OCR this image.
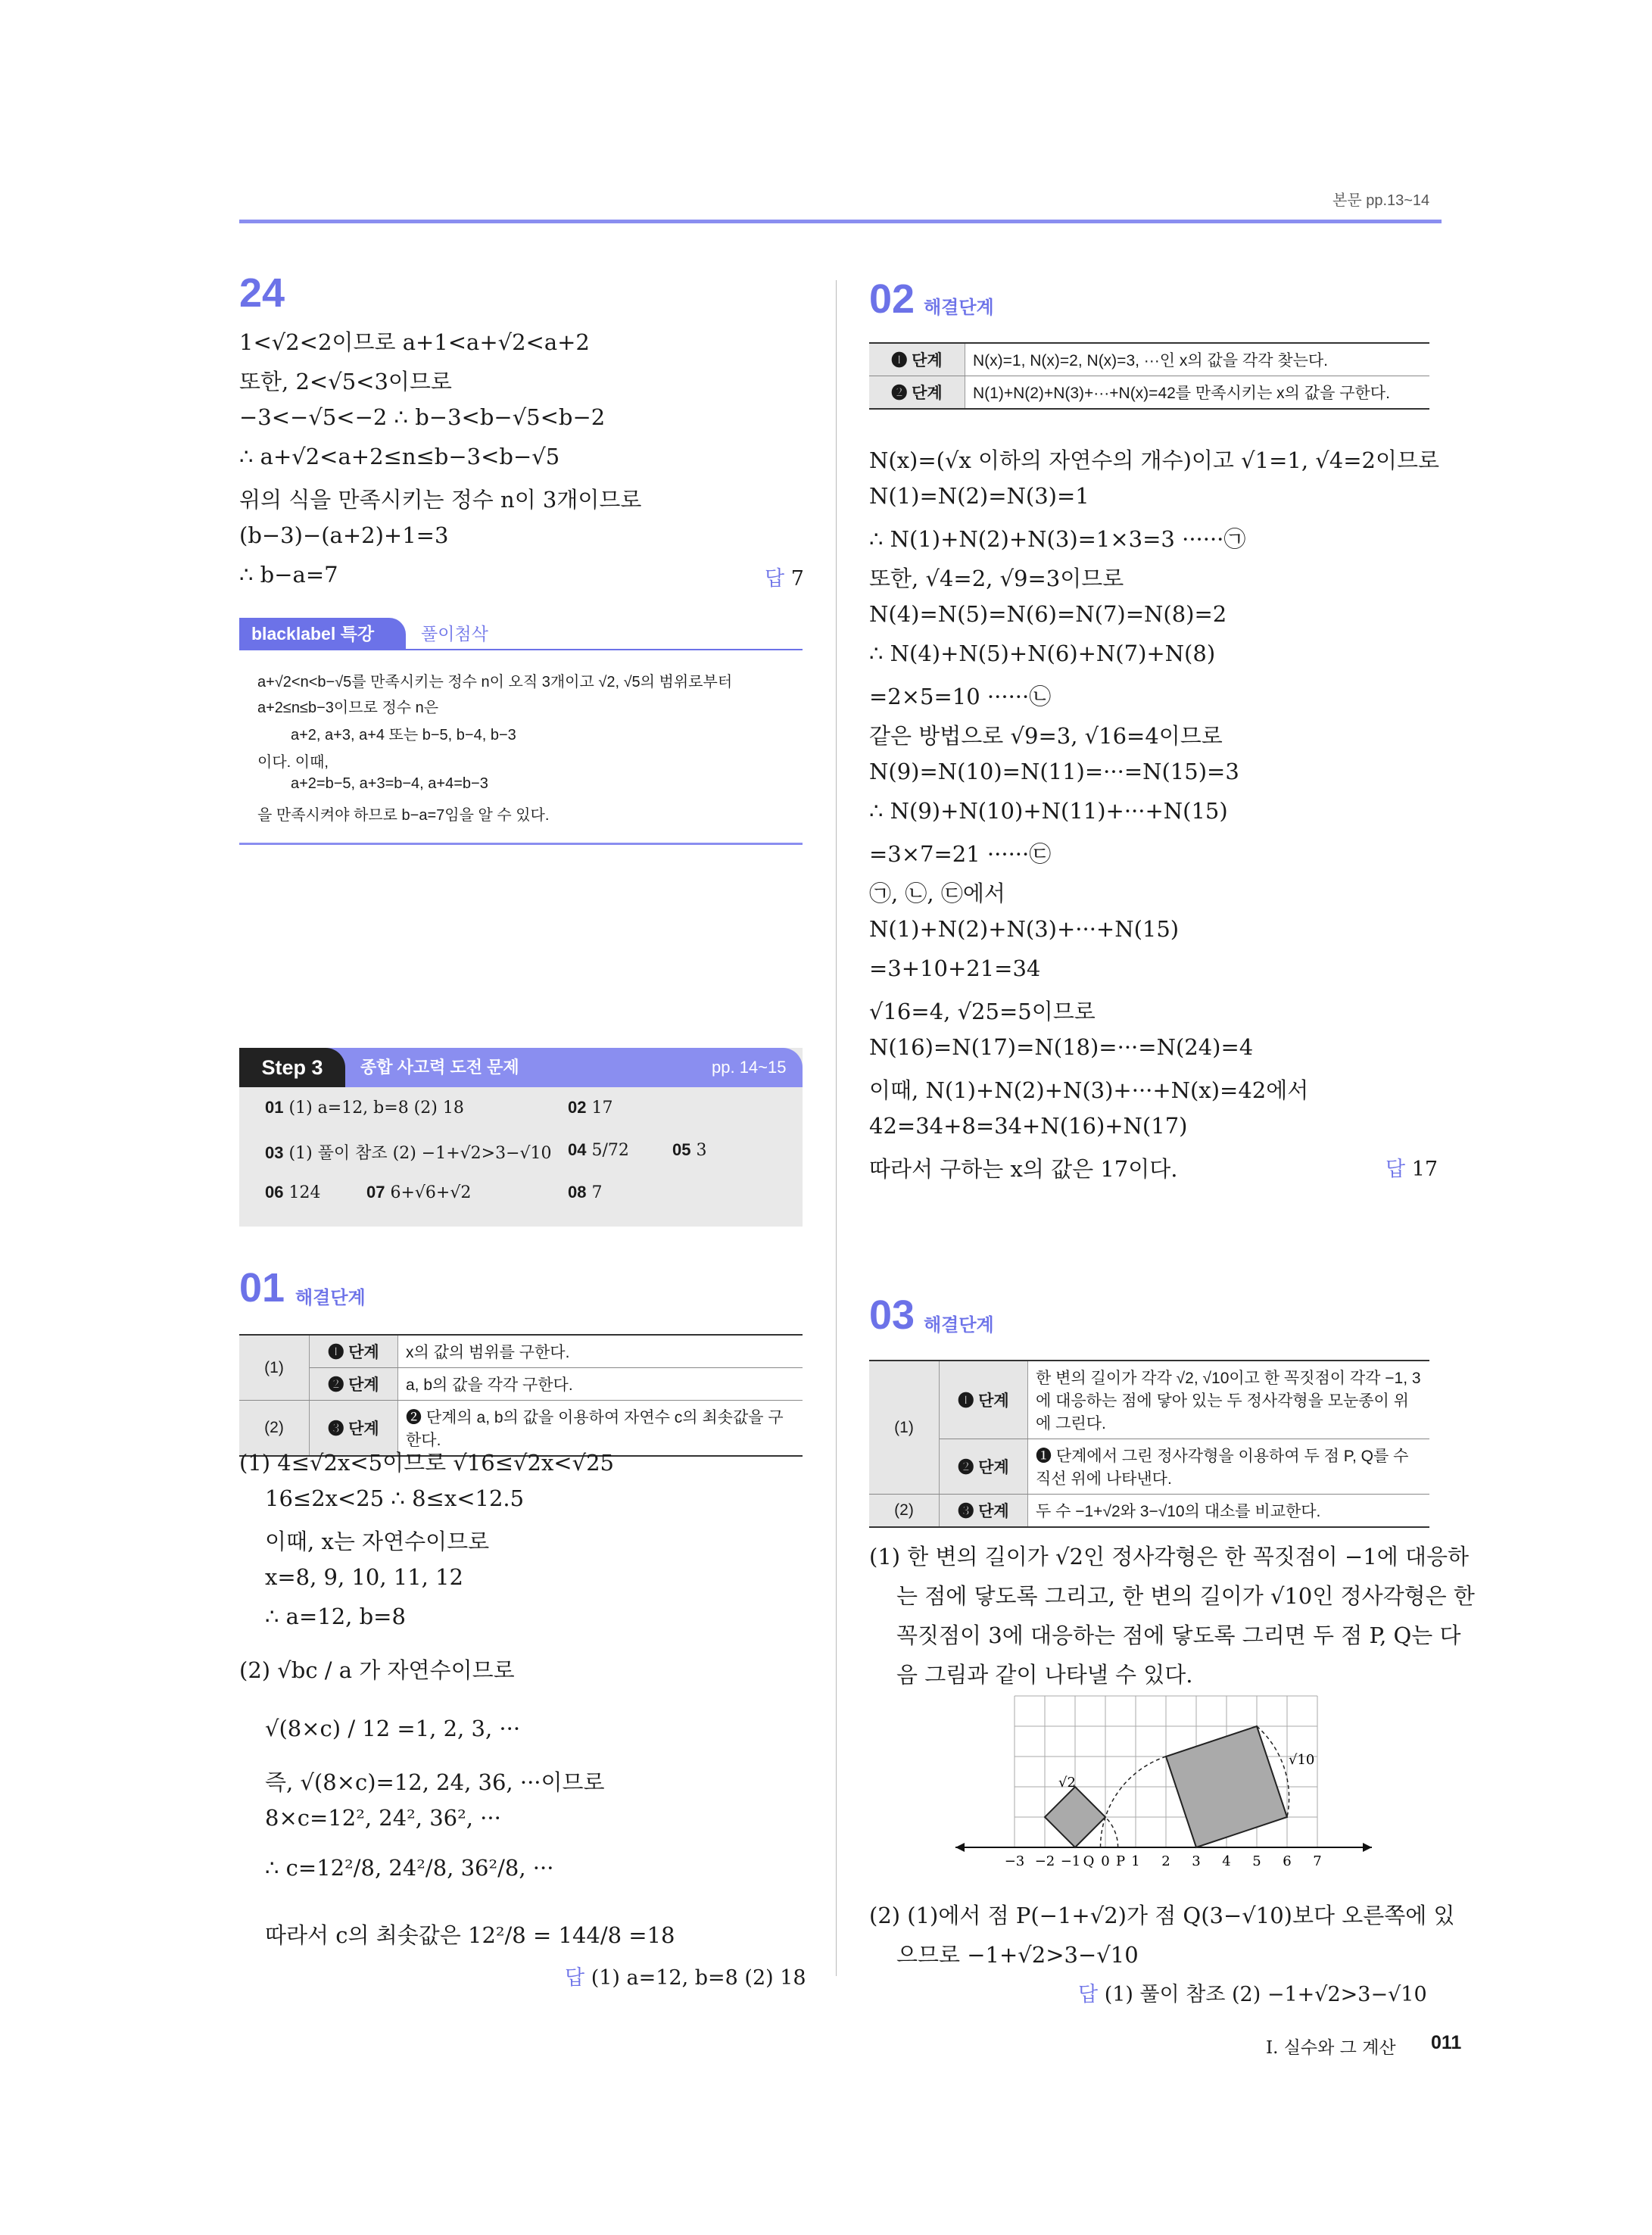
본문 pp.13~14
24
1<√2<2이므로 a+1<a+√2<a+2
또한, 2<√5<3이므로
−3<−√5<−2 ∴ b−3<b−√5<b−2
∴ a+√2<a+2≤n≤b−3<b−√5
위의 식을 만족시키는 정수 n이 3개이므로
(b−3)−(a+2)+1=3
∴ b−a=7	답 7
blacklabel 특강	풀이첨삭
a+√2<n<b−√5를 만족시키는 정수 n이 오직 3개이고 √2, √5의 범위로부터
a+2≤n≤b−3이므로 정수 n은
a+2, a+3, a+4 또는 b−5, b−4, b−3
이다. 이때,
a+2=b−5, a+3=b−4, a+4=b−3
을 만족시켜야 하므로 b−a=7임을 알 수 있다.
Step 3	종합 사고력 도전 문제	pp. 14~15
01 (1) a=12, b=8 (2) 18	02 17
03 (1) 풀이 참조 (2) −1+√2>3−√10 04 5/72	05 3
06 124	07 6+√6+√2	08 7
01 해결단계
(1)	❶ 단계	x의 값의 범위를 구한다.
	❷ 단계	a, b의 값을 각각 구한다.
(2)	❸ 단계	❷ 단계의 a, b의 값을 이용하여 자연수 c의 최솟값을 구한다.
(1) 4≤√2x<5이므로 √16≤√2x<√25
16≤2x<25 ∴ 8≤x<12.5
이때, x는 자연수이므로
x=8, 9, 10, 11, 12
∴ a=12, b=8
(2) √bc / a 가 자연수이므로
√(8×c) / 12 =1, 2, 3, ···
즉, √(8×c)=12, 24, 36, ···이므로
8×c=12², 24², 36², ···
∴ c=12²/8, 24²/8, 36²/8, ···
따라서 c의 최솟값은 12²/8 = 144/8 =18
답 (1) a=12, b=8 (2) 18
02 해결단계
❶ 단계	N(x)=1, N(x)=2, N(x)=3, ···인 x의 값을 각각 찾는다.
❷ 단계	N(1)+N(2)+N(3)+···+N(x)=42를 만족시키는 x의 값을 구한다.
N(x)=(√x 이하의 자연수의 개수)이고 √1=1, √4=2이므로
N(1)=N(2)=N(3)=1
∴ N(1)+N(2)+N(3)=1×3=3 ······㉠
또한, √4=2, √9=3이므로
N(4)=N(5)=N(6)=N(7)=N(8)=2
∴ N(4)+N(5)+N(6)+N(7)+N(8)
=2×5=10 ······㉡
같은 방법으로 √9=3, √16=4이므로
N(9)=N(10)=N(11)=···=N(15)=3
∴ N(9)+N(10)+N(11)+···+N(15)
=3×7=21 ······㉢
㉠, ㉡, ㉢에서
N(1)+N(2)+N(3)+···+N(15)
=3+10+21=34
√16=4, √25=5이므로
N(16)=N(17)=N(18)=···=N(24)=4
이때, N(1)+N(2)+N(3)+···+N(x)=42에서
42=34+8=34+N(16)+N(17)
따라서 구하는 x의 값은 17이다.	답 17
03 해결단계
(1)	❶ 단계	한 변의 길이가 각각 √2, √10이고 한 꼭짓점이 각각 −1, 3에 대응하는 점에 닿아 있는 두 정사각형을 모눈종이 위에 그린다.
	❷ 단계	❶ 단계에서 그린 정사각형을 이용하여 두 점 P, Q를 수직선 위에 나타낸다.
(2)	❸ 단계	두 수 −1+√2와 3−√10의 대소를 비교한다.
(1) 한 변의 길이가 √2인 정사각형은 한 꼭짓점이 −1에 대응하
는 점에 닿도록 그리고, 한 변의 길이가 √10인 정사각형은 한
꼭짓점이 3에 대응하는 점에 닿도록 그리면 두 점 P, Q는 다
음 그림과 같이 나타낼 수 있다.
√2
√10
−3 −2 −1 Q 0 P 1 2 3 4 5 6 7
(2) (1)에서 점 P(−1+√2)가 점 Q(3−√10)보다 오른쪽에 있
으므로 −1+√2>3−√10
답 (1) 풀이 참조 (2) −1+√2>3−√10
Ⅰ. 실수와 그 계산 011
